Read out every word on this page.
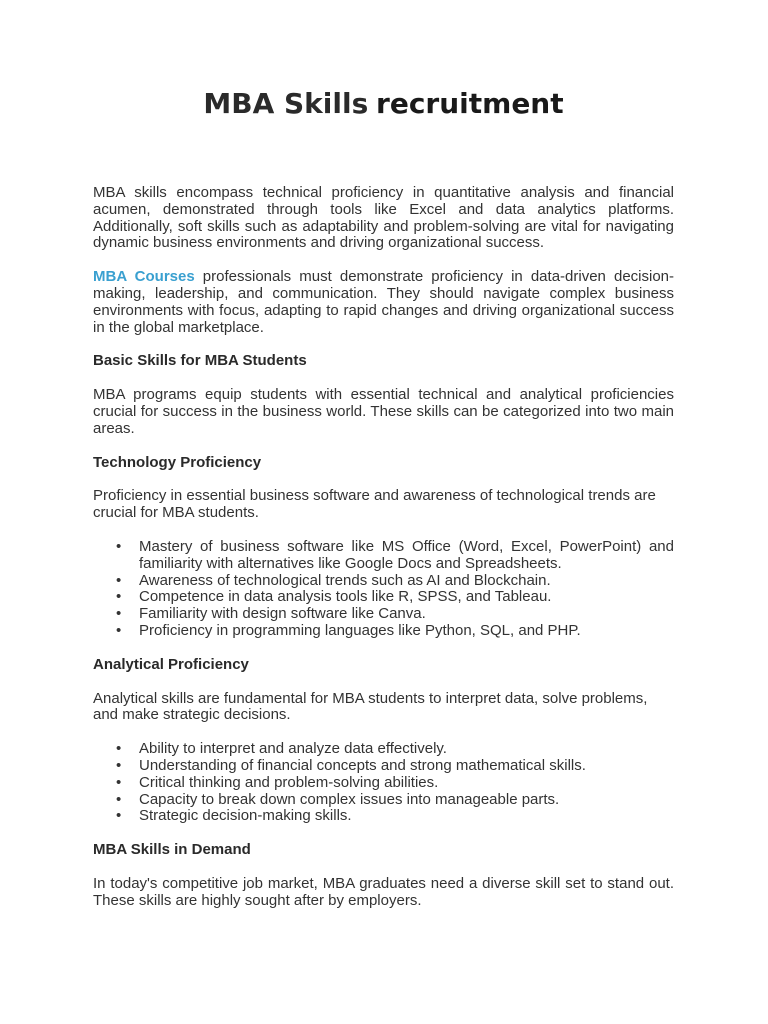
MBA Skills recruitment

MBA skills encompass technical proficiency in quantitative analysis and financial acumen, demonstrated through tools like Excel and data analytics platforms. Additionally, soft skills such as adaptability and problem-solving are vital for navigating dynamic business environments and driving organizational success.

MBA Courses professionals must demonstrate proficiency in data-driven decision-making, leadership, and communication. They should navigate complex business environments with focus, adapting to rapid changes and driving organizational success in the global marketplace.

Basic Skills for MBA Students

MBA programs equip students with essential technical and analytical proficiencies crucial for success in the business world. These skills can be categorized into two main areas.

Technology Proficiency

Proficiency in essential business software and awareness of technological trends are crucial for MBA students.

• Mastery of business software like MS Office (Word, Excel, PowerPoint) and familiarity with alternatives like Google Docs and Spreadsheets.
• Awareness of technological trends such as AI and Blockchain.
• Competence in data analysis tools like R, SPSS, and Tableau.
• Familiarity with design software like Canva.
• Proficiency in programming languages like Python, SQL, and PHP.
Analytical Proficiency

Analytical skills are fundamental for MBA students to interpret data, solve problems, and make strategic decisions.

• Ability to interpret and analyze data effectively.
• Understanding of financial concepts and strong mathematical skills.
• Critical thinking and problem-solving abilities.
• Capacity to break down complex issues into manageable parts.
• Strategic decision-making skills.
MBA Skills in Demand

In today's competitive job market, MBA graduates need a diverse skill set to stand out. These skills are highly sought after by employers.
